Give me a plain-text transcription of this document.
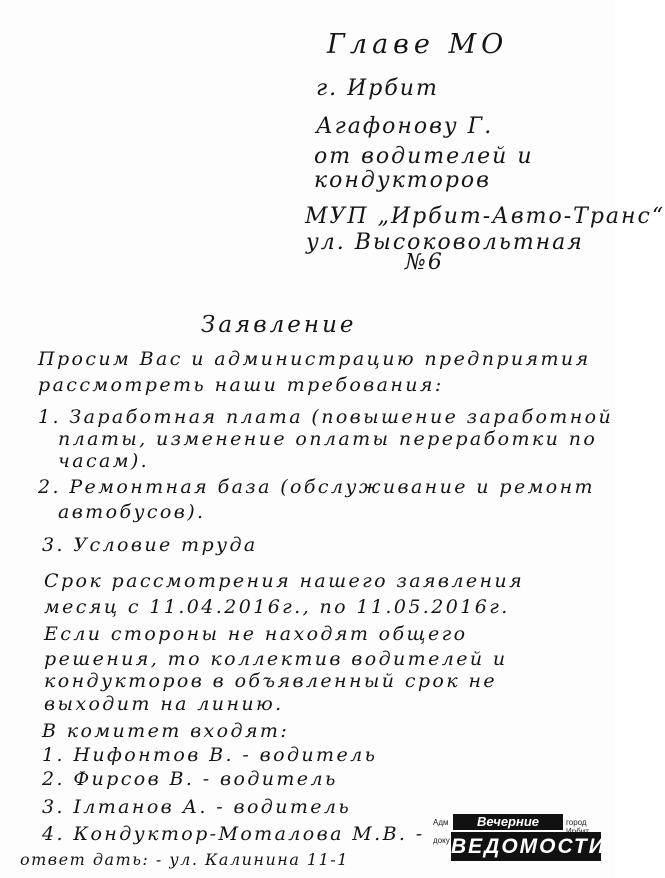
Главе МО
г. Ирбит
Агафонову Г.
от водителей и
кондукторов
МУП „Ирбит-Авто-Транс“
ул. Высоковольтная
№6
Заявление
Просим Вас и администрацию предприятия
рассмотреть наши требования:
1. Заработная плата (повышение заработной
платы, изменение оплаты переработки по
часам).
2. Ремонтная база (обслуживание и ремонт
автобусов).
3. Условие труда
Срок рассмотрения нашего заявления
месяц с 11.04.2016г., по 11.05.2016г.
Если стороны не находят общего
решения, то коллектив водителей и
кондукторов в объявленный срок не
выходит на линию.
В комитет входят:
1. Нифонтов В. - водитель
2. Фирсов В. - водитель
3. Ілтанов А. - водитель
4. Кондуктор-Моталова М.В. -
ответ дать: - ул. Калинина 11-1
Адм	Вечерние	город
доку ВЕДОМОСТИ
